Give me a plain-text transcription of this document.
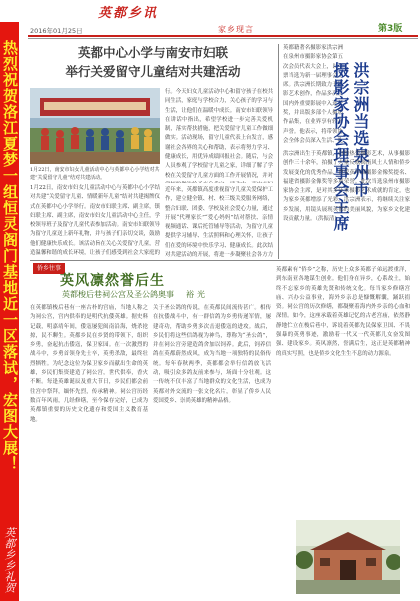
热烈祝贺洛江夏梦一组恒灵阁门基地近一区落试，宏图大展！
英都乡乡礼贺
英都乡讯
2016年01月25日	家乡现言	第3版
英都中心小学与南安市妇联
举行关爱留守儿童结对共建活动
1月22日，南安市妇女儿童活动中心与英都中心小学结对共建“关爱留守儿童”结对共建活动。
1月22日，南安市妇女儿童活动中心与英都中心小学结对共建“关爱留守儿童、情暖新年儿童”结对共建揭牌仪式在英都中心小学举行。南安市妇联主席、副主席，镇妇联主席、副主席，南安市妇女儿童活动中心主任，学校领导班子及留守儿童代表参加活动。南安市妇联领导为留守儿童送上新年礼物，并与孩子们亲切交谈，鼓励他们健康快乐成长。该活动旨在关心关爱留守儿童，营造温馨和谐的成长环境，让孩子们感受到社会大家庭的
行。今天妇女儿童活动中心和留守孩子在校共同生活，家庭与学校合力，关心孩子的学习与生活，让他们在温暖中成长。南安市妇联领导在讲话中指出，希望学校进一步完善关爱机制，落实帮扶措施，把关爱留守儿童工作做细做实。活动现场，留守儿童代表上台发言，感谢社会各界的关心和帮助，表示将努力学习、健康成长，用优异成绩回报社会。随后，与会人员参观了学校留守儿童之家，详细了解了学校在关爱留守儿童方面的工作开展情况，并对
近年来，英都镇高度重视留守儿童关爱保护工作，建立健全镇、村、校三级关爱服务网络，整合妇联、团委、学校及社会爱心力量，通过开展“代理家长”“爱心妈妈”结对帮扶、亲情视频通话、课后托管辅导等活动，为留守儿童提供学习辅导、生活照料和心理关怀，让孩子们在爱的环境中快乐学习、健康成长。此次结对共建活动的开展，将进一步凝聚社会各方力
英都籍著名摄影家洪宗洲在泉州市摄影家协会第五次会员代表大会上，以全票当选为新一届理事会主席。洪宗洲长期致力于摄影艺术创作，作品多次在国内外重要影展中入选获奖，并出版多部个人摄影作品集，在业界享有较高声誉。他表示，将带领协会全体会员深入生活、扎 洪宗洲当选泉州市
摄影家协会理事会主席
洪宗洲出生于英都镇，自幼热爱摄影艺术，从事摄影创作三十余年，拍摄了大量反映闽南风土人情和侨乡发展变化的优秀作品，曾荣获中国摄影金像奖提名、福建省摄影金像奖等多项荣誉。此次当选泉州市摄影家协会主席，是对其多年来摄影艺术成就的肯定，也为家乡英都增添了光彩。洪宗洲表示，将继续关注家乡发展，用镜头展现英都的美丽风貌，为家乡文化建设贡献力量。（洪振清）
侨乡往事
英风凛然誉后生
英都梭后巷祠公宫及圣公鸽奥事 裕光
在英都镇梭后巷有一座古朴的宫庙，当地人称之为祠公宫，宫内供奉的是明代抗倭英雄。据史料记载，明嘉靖年间，倭寇屡犯闽南沿海，烧杀抢掠，民不聊生。英都乡民在乡贤的带领下，组织乡勇，奋起抗击倭寇，保卫家园。在一次激烈的战斗中，乡勇首领身先士卒，英勇杀敌，最终壮烈牺牲。为纪念这位为保卫家乡而献出生命的英雄，乡民们集资建造了祠公宫，世代供奉，香火不断。每逢英雄诞辰及重大节日，乡民们都会前往宫中祭拜，缅怀先烈，传承精神。祠公宫历经数百年风雨，几经修缮，至今保存完好，已成为英都镇重要的历史文化遗存和爱国主义教育基地。
关于圣公鸽的传说，在英都民间流传甚广。相传在抗倭战斗中，有一群信鸽为乡勇传递军情，屡建奇功，帮助乡勇多次击退倭寇的进攻。战后，乡民们将这些信鸽视为神鸟，尊称为“圣公鸽”，并在祠公宫旁建造鸽舍加以饲养。此后，饲养信鸽在英都蔚然成风，成为当地一项独特的民俗传统。每年春秋两季，英都都会举行信鸽放飞活动，吸引众多鸽友前来参与，场面十分壮观。这一传统不仅丰富了当地群众的文化生活，也成为英都对外交流的一张文化名片，彰显了侨乡人民爱国爱乡、崇尚英雄的精神品格。
英都素有“侨乡”之称，历史上众多英都子弟远渡重洋，到东南亚各地谋生创业。他们身在异乡，心系故土，始终不忘家乡的英雄先贤和传统文化。每当家乡修缮宫庙、兴办公益事业，海外乡亲总是慷慨解囊，踊跃捐资。祠公宫的历次修缮，都凝聚着海内外乡亲的心血和深情。如今，这座承载着英雄记忆的古老宫庙，依然静静地伫立在梭后巷中，诉说着英都先民保家卫国、不畏强暴的英勇事迹，激励着一代又一代英都儿女奋发图强、建设家乡。英风凛然，誉满后生，这正是英都精神的真实写照，也是侨乡文化生生不息的动力源泉。
